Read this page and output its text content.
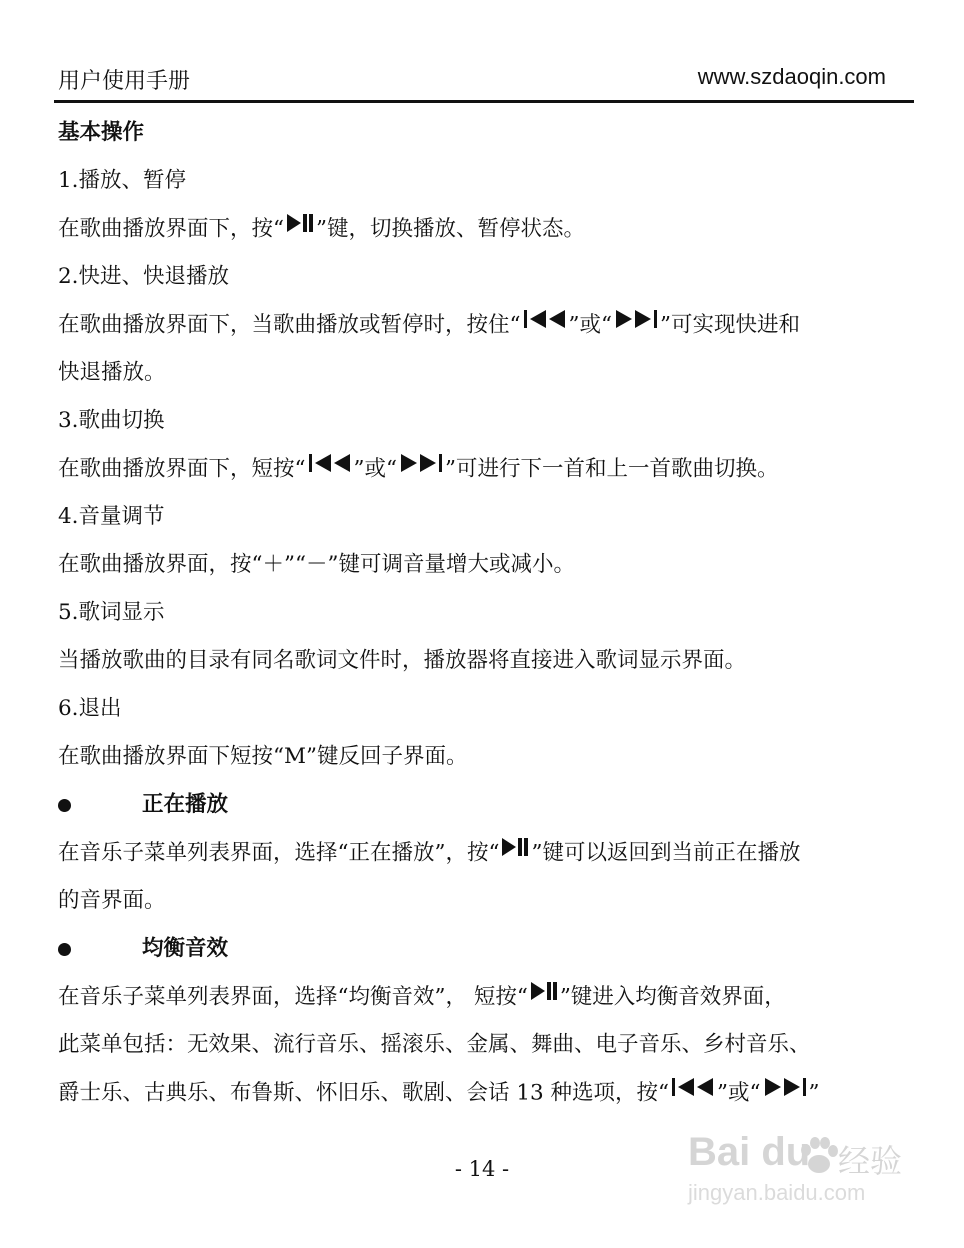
用户使用手册	www.szdaoqin.com
基本操作
1.播放、暂停
在歌曲播放界面下，按“ ”键，切换播放、暂停状态。
2.快进、快退播放
在歌曲播放界面下，当歌曲播放或暂停时，按住“ ”或“ ”可实现快进和
快退播放。
3.歌曲切换
在歌曲播放界面下，短按“ ”或“ ”可进行下一首和上一首歌曲切换。
4.音量调节
在歌曲播放界面，按“＋”“－”键可调音量增大或减小。
5.歌词显示
当播放歌曲的目录有同名歌词文件时，播放器将直接进入歌词显示界面。
6.退出
在歌曲播放界面下短按“M”键反回子界面。
正在播放
在音乐子菜单列表界面，选择“正在播放”，按“ ”键可以返回到当前正在播放
的音界面。
均衡音效
在音乐子菜单列表界面，选择“均衡音效”， 短按“ ”键进入均衡音效界面，
此菜单包括：无效果、流行音乐、摇滚乐、金属、舞曲、电子音乐、乡村音乐、
爵士乐、古典乐、布鲁斯、怀旧乐、歌剧、会话 13 种选项，按“ ”或“ ”
- 14 -	Bai du 经验
jingyan.baidu.com
